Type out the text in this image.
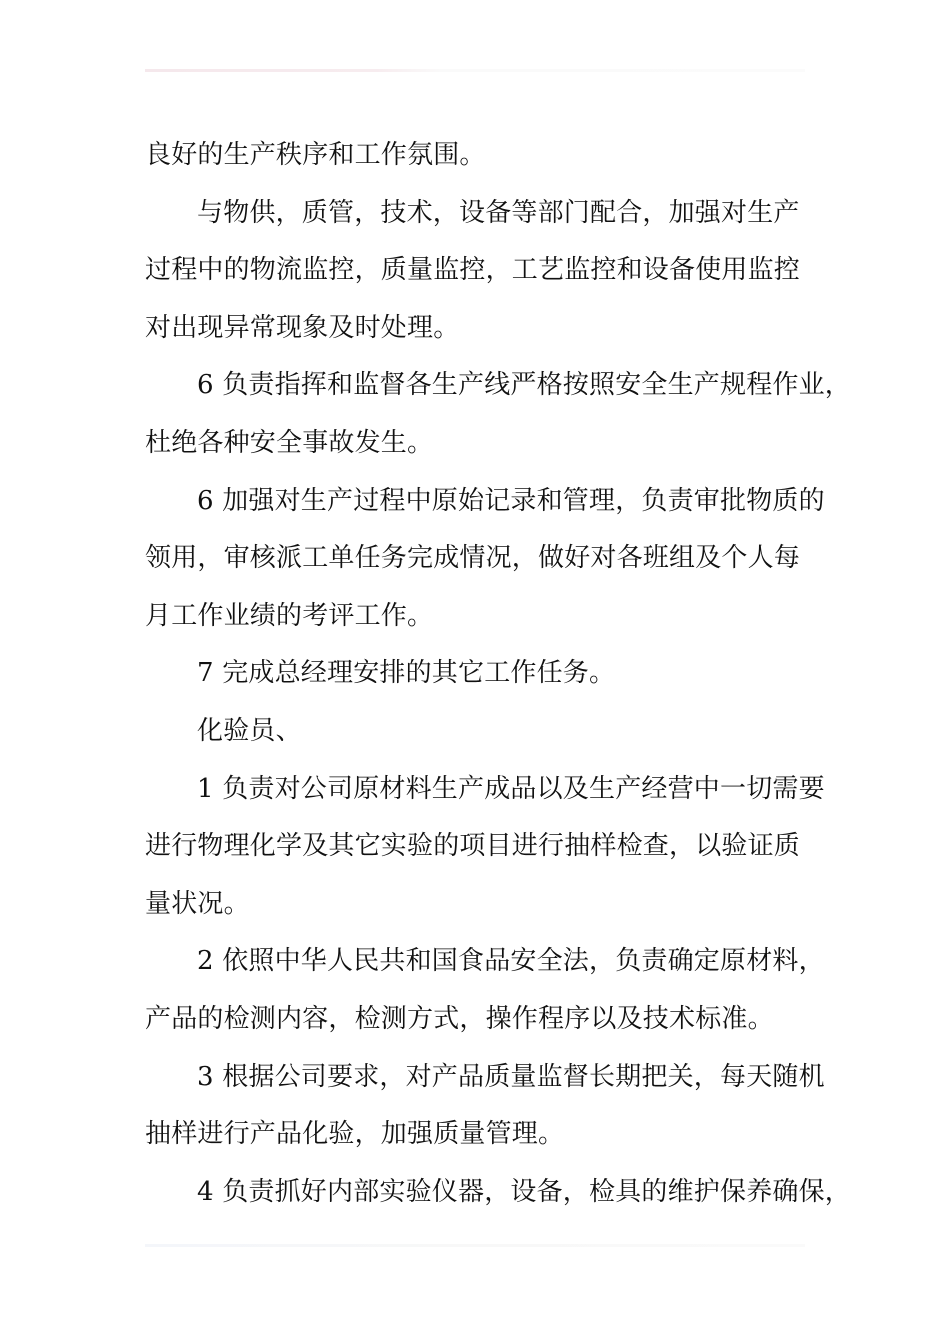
良好的生产秩序和工作氛围。
与物供，质管，技术，设备等部门配合，加强对生产
过程中的物流监控，质量监控，工艺监控和设备使用监控
对出现异常现象及时处理。
6 负责指挥和监督各生产线严格按照安全生产规程作业，
杜绝各种安全事故发生。
6 加强对生产过程中原始记录和管理，负责审批物质的
领用，审核派工单任务完成情况，做好对各班组及个人每
月工作业绩的考评工作。
7 完成总经理安排的其它工作任务。
化验员、
1 负责对公司原材料生产成品以及生产经营中一切需要
进行物理化学及其它实验的项目进行抽样检查，以验证质
量状况。
2 依照中华人民共和国食品安全法，负责确定原材料，
产品的检测内容，检测方式，操作程序以及技术标准。
3 根据公司要求，对产品质量监督长期把关，每天随机
抽样进行产品化验，加强质量管理。
4 负责抓好内部实验仪器，设备，检具的维护保养确保，
